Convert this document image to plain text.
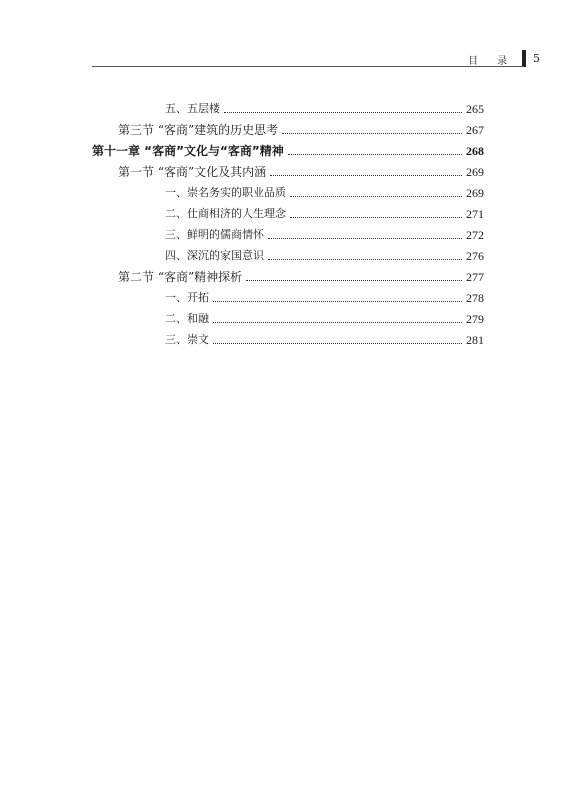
目 录 5
五、五层楼	265
第三节 “客商”建筑的历史思考	267
第十一章 “客商”文化与“客商”精神	268
第一节 “客商”文化及其内涵	269
一、崇名务实的职业品质	269
二、仕商相济的人生理念	271
三、鲜明的儒商情怀	272
四、深沉的家国意识	276
第二节 “客商”精神探析	277
一、开拓	278
二、和融	279
三、崇文	281
